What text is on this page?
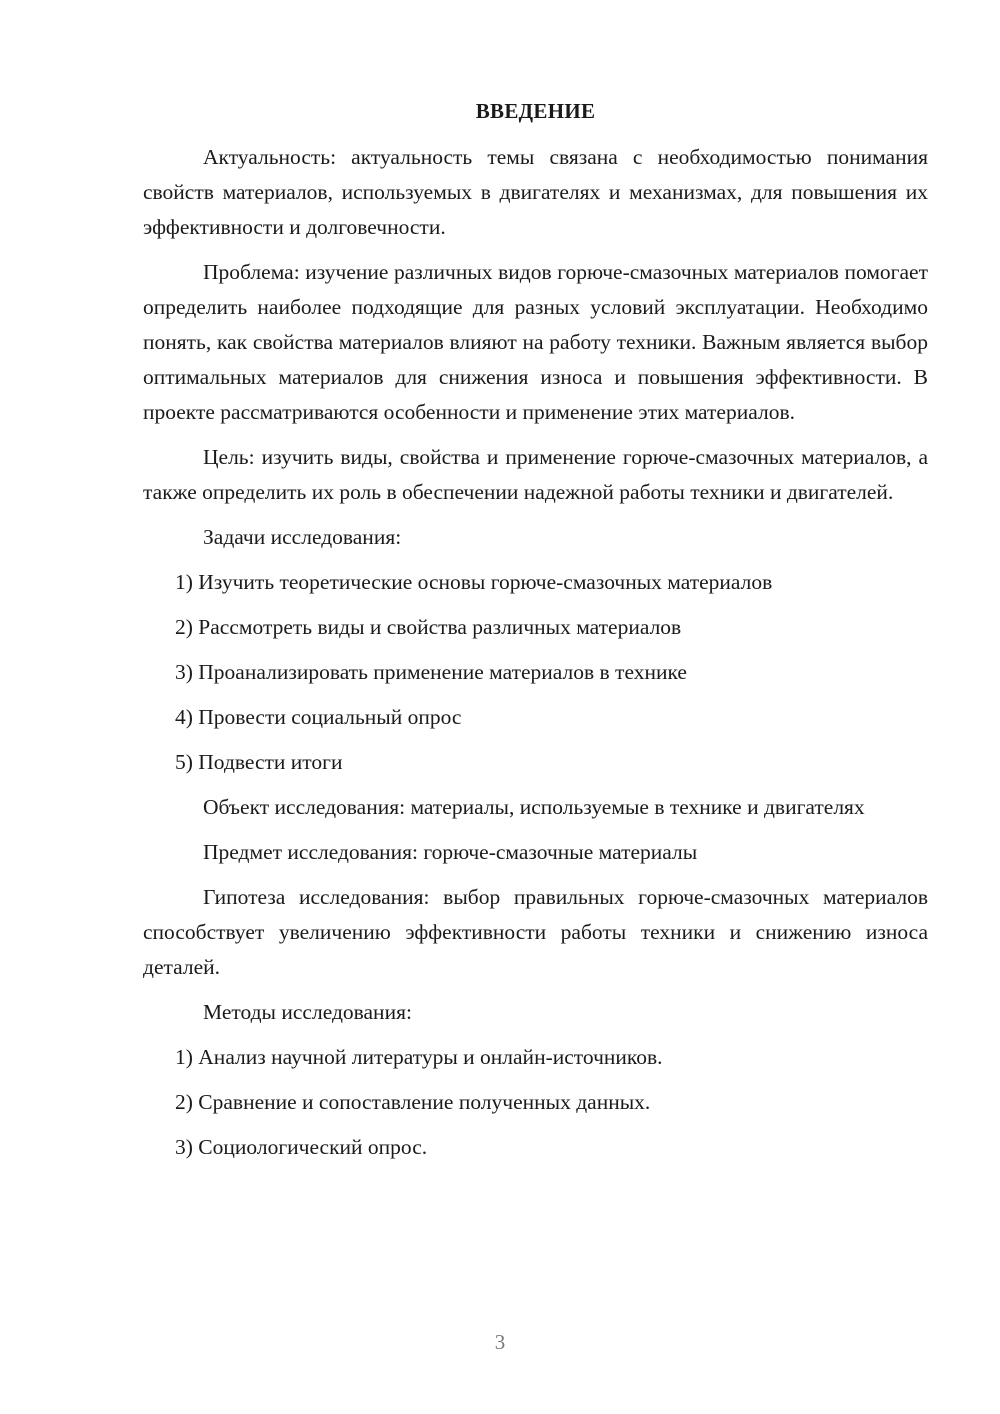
ВВЕДЕНИЕ

Актуальность: актуальность темы связана с необходимостью понимания свойств материалов, используемых в двигателях и механизмах, для повышения их эффективности и долговечности.

Проблема: изучение различных видов горюче-смазочных материалов помогает определить наиболее подходящие для разных условий эксплуатации. Необходимо понять, как свойства материалов влияют на работу техники. Важным является выбор оптимальных материалов для снижения износа и повышения эффективности. В проекте рассматриваются особенности и применение этих материалов.

Цель: изучить виды, свойства и применение горюче-смазочных материалов, а также определить их роль в обеспечении надежной работы техники и двигателей.

Задачи исследования:
1) Изучить теоретические основы горюче-смазочных материалов
2) Рассмотреть виды и свойства различных материалов
3) Проанализировать применение материалов в технике
4) Провести социальный опрос
5) Подвести итоги

Объект исследования: материалы, используемые в технике и двигателях

Предмет исследования: горюче-смазочные материалы

Гипотеза исследования: выбор правильных горюче-смазочных материалов способствует увеличению эффективности работы техники и снижению износа деталей.

Методы исследования:
1) Анализ научной литературы и онлайн-источников.
2) Сравнение и сопоставление полученных данных.
3) Социологический опрос.
3
